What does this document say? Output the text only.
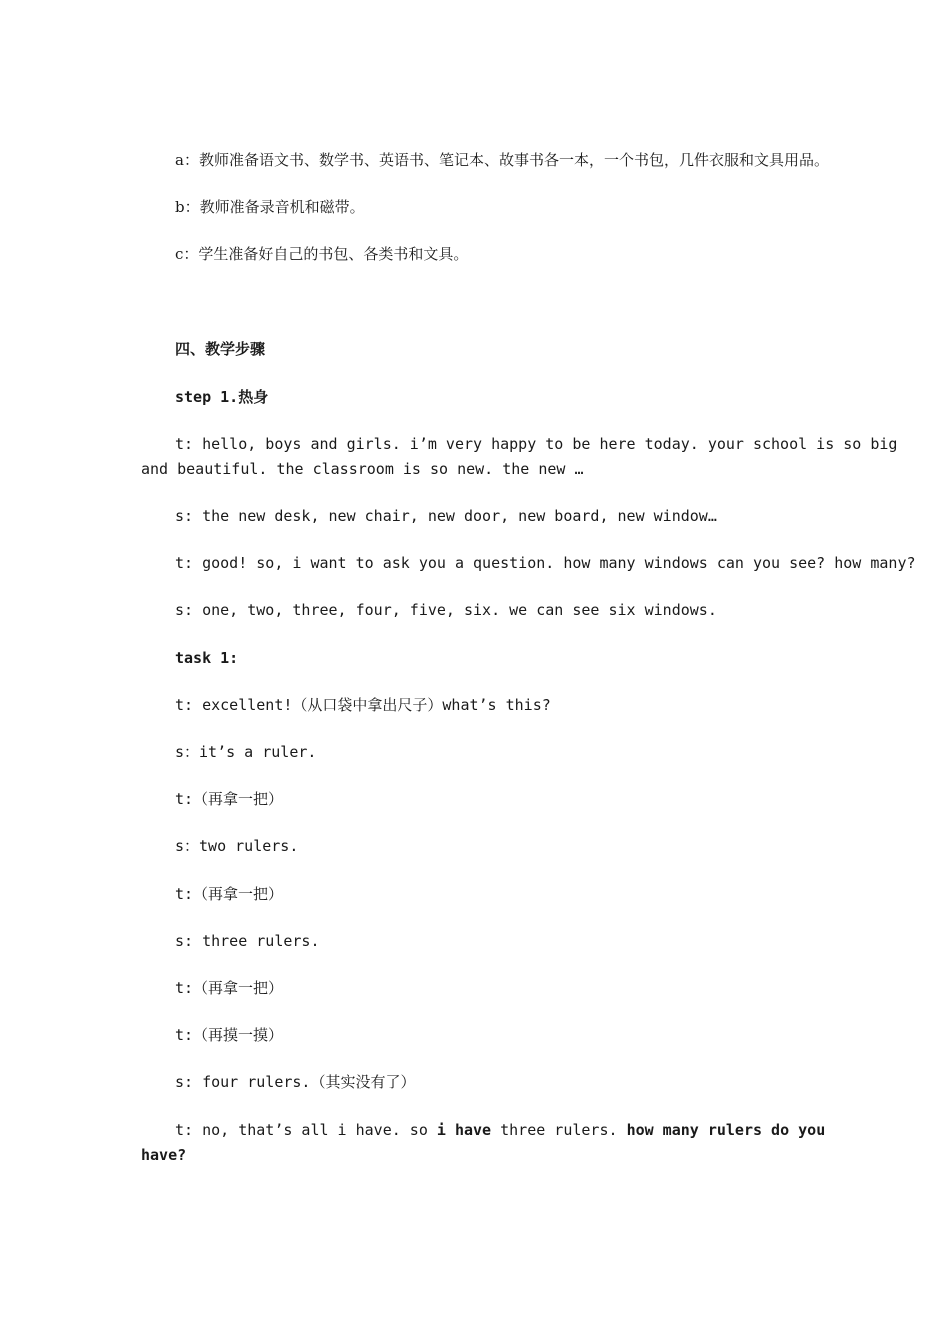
a：教师准备语文书、数学书、英语书、笔记本、故事书各一本，一个书包，几件衣服和文具用品。
b：教师准备录音机和磁带。
c：学生准备好自己的书包、各类书和文具。
四、教学步骤
step 1.热身
t: hello, boys and girls. i’m very happy to be here today. your school is so big
and beautiful. the classroom is so new. the new …
s: the new desk, new chair, new door, new board, new window…
t: good! so, i want to ask you a question. how many windows can you see? how many?
s: one, two, three, four, five, six. we can see six windows.
task 1:
t: excellent!（从口袋中拿出尺子）what’s this?
s：it’s a ruler.
t:（再拿一把）
s：two rulers.
t:（再拿一把）
s: three rulers.
t:（再拿一把）
t:（再摸一摸）
s: four rulers.（其实没有了）
t: no, that’s all i have. so i have three rulers. how many rulers do you
have?
